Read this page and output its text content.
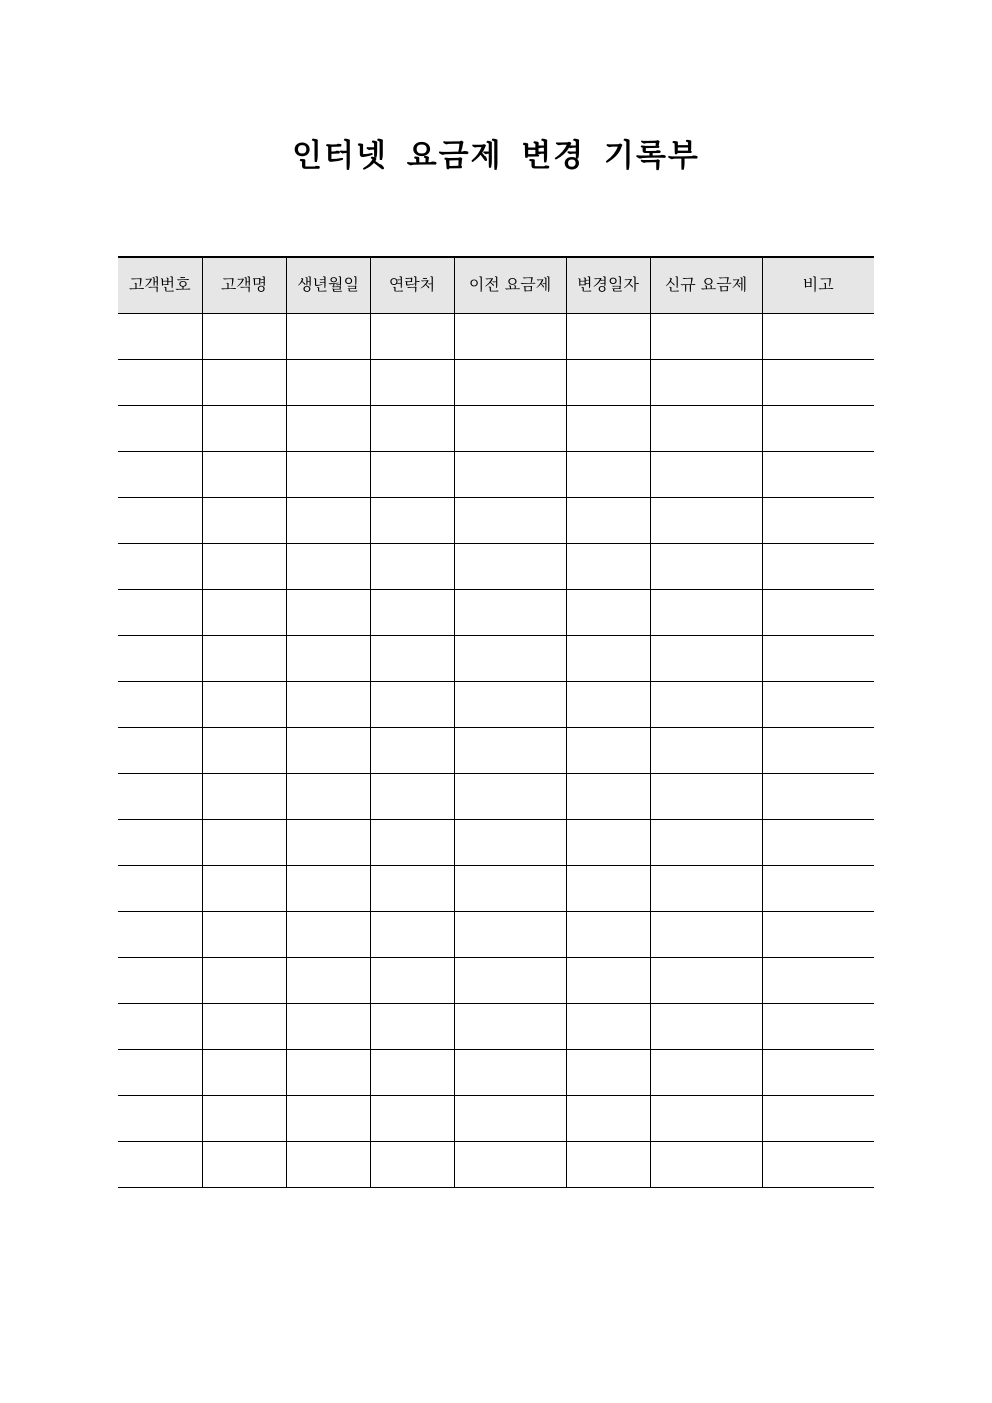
인터넷 요금제 변경 기록부
고객번호	고객명	생년월일	연락처	이전 요금제	변경일자	신규 요금제	비고
